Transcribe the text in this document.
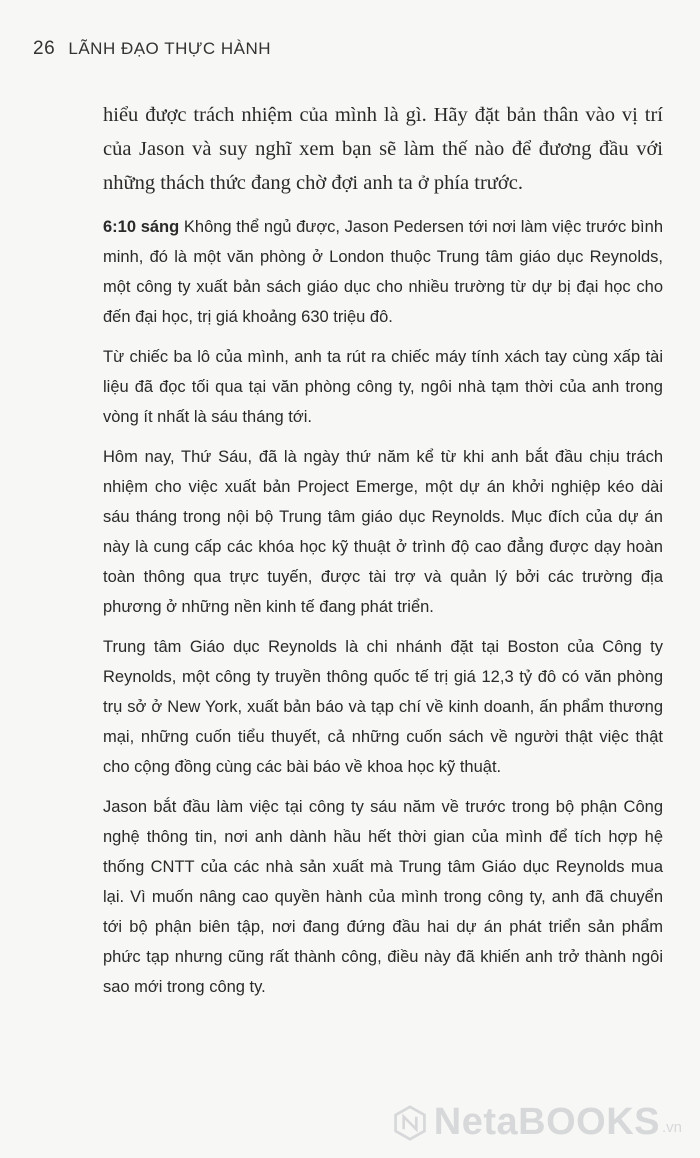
26 LÃNH ĐẠO THỰC HÀNH

hiểu được trách nhiệm của mình là gì. Hãy đặt bản thân vào vị trí của Jason và suy nghĩ xem bạn sẽ làm thế nào để đương đầu với những thách thức đang chờ đợi anh ta ở phía trước.

6:10 sáng Không thể ngủ được, Jason Pedersen tới nơi làm việc trước bình minh, đó là một văn phòng ở London thuộc Trung tâm giáo dục Reynolds, một công ty xuất bản sách giáo dục cho nhiều trường từ dự bị đại học cho đến đại học, trị giá khoảng 630 triệu đô.

Từ chiếc ba lô của mình, anh ta rút ra chiếc máy tính xách tay cùng xấp tài liệu đã đọc tối qua tại văn phòng công ty, ngôi nhà tạm thời của anh trong vòng ít nhất là sáu tháng tới.

Hôm nay, Thứ Sáu, đã là ngày thứ năm kể từ khi anh bắt đầu chịu trách nhiệm cho việc xuất bản Project Emerge, một dự án khởi nghiệp kéo dài sáu tháng trong nội bộ Trung tâm giáo dục Reynolds. Mục đích của dự án này là cung cấp các khóa học kỹ thuật ở trình độ cao đẳng được dạy hoàn toàn thông qua trực tuyến, được tài trợ và quản lý bởi các trường địa phương ở những nền kinh tế đang phát triển.

Trung tâm Giáo dục Reynolds là chi nhánh đặt tại Boston của Công ty Reynolds, một công ty truyền thông quốc tế trị giá 12,3 tỷ đô có văn phòng trụ sở ở New York, xuất bản báo và tạp chí về kinh doanh, ấn phẩm thương mại, những cuốn tiểu thuyết, cả những cuốn sách về người thật việc thật cho cộng đồng cùng các bài báo về khoa học kỹ thuật.

Jason bắt đầu làm việc tại công ty sáu năm về trước trong bộ phận Công nghệ thông tin, nơi anh dành hầu hết thời gian của mình để tích hợp hệ thống CNTT của các nhà sản xuất mà Trung tâm Giáo dục Reynolds mua lại. Vì muốn nâng cao quyền hành của mình trong công ty, anh đã chuyển tới bộ phận biên tập, nơi đang đứng đầu hai dự án phát triển sản phẩm phức tạp nhưng cũng rất thành công, điều này đã khiến anh trở thành ngôi sao mới trong công ty.

NetaBOOKS .vn
